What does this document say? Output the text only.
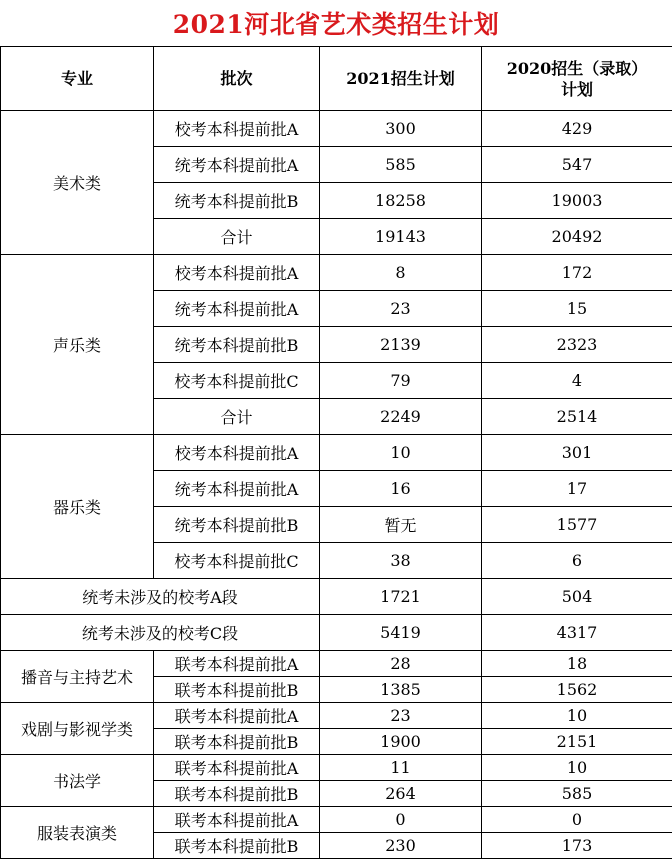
2021河北省艺术类招生计划
专业	批次	2021招生计划	2020招生（录取）
计划

美术类	校考本科提前批A	300	429
	统考本科提前批A	585	547
	统考本科提前批B	18258	19003
	合计	19143	20492
声乐类	校考本科提前批A	8	172
	统考本科提前批A	23	15
	统考本科提前批B	2139	2323
	校考本科提前批C	79	4
	合计	2249	2514
器乐类	校考本科提前批A	10	301
	统考本科提前批A	16	17
	统考本科提前批B	暂无	1577
	校考本科提前批C	38	6
统考未涉及的校考A段		1721	504
统考未涉及的校考C段		5419	4317
播音与主持艺术	联考本科提前批A	28	18
	联考本科提前批B	1385	1562
戏剧与影视学类	联考本科提前批A	23	10
	联考本科提前批B	1900	2151
书法学	联考本科提前批A	11	10
	联考本科提前批B	264	585
服装表演类	联考本科提前批A	0	0
	联考本科提前批B	230	173
